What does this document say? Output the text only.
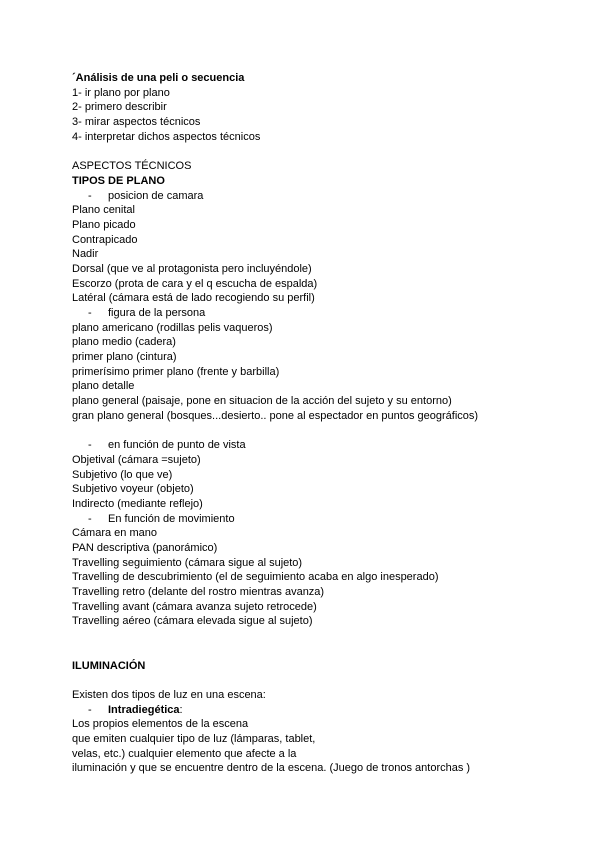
´Análisis de una peli o secuencia
1- ir plano por plano
2- primero describir
3- mirar aspectos técnicos
4- interpretar dichos aspectos técnicos
ASPECTOS TÉCNICOS
TIPOS DE PLANO
- posicion de camara
Plano cenital
Plano picado
Contrapicado
Nadir
Dorsal (que ve al protagonista pero incluyéndole)
Escorzo (prota de cara y el q escucha de espalda)
Latéral (cámara está de lado recogiendo su perfil)
- figura de la persona
plano americano (rodillas pelis vaqueros)
plano medio (cadera)
primer plano (cintura)
primerísimo primer plano (frente y barbilla)
plano detalle
plano general (paisaje, pone en situacion de la acción del sujeto y su entorno)
gran plano general (bosques...desierto.. pone al espectador en puntos geográficos)
- en función de punto de vista
Objetival (cámara =sujeto)
Subjetivo (lo que ve)
Subjetivo voyeur (objeto)
Indirecto (mediante reflejo)
- En función de movimiento
Cámara en mano
PAN descriptiva (panorámico)
Travelling seguimiento (cámara sigue al sujeto)
Travelling de descubrimiento (el de seguimiento acaba en algo inesperado)
Travelling retro (delante del rostro mientras avanza)
Travelling avant (cámara avanza sujeto retrocede)
Travelling aéreo (cámara elevada sigue al sujeto)
ILUMINACIÓN
Existen dos tipos de luz en una escena:
- Intradiegética:
Los propios elementos de la escena
que emiten cualquier tipo de luz (lámparas, tablet,
velas, etc.) cualquier elemento que afecte a la
iluminación y que se encuentre dentro de la escena. (Juego de tronos antorchas )
